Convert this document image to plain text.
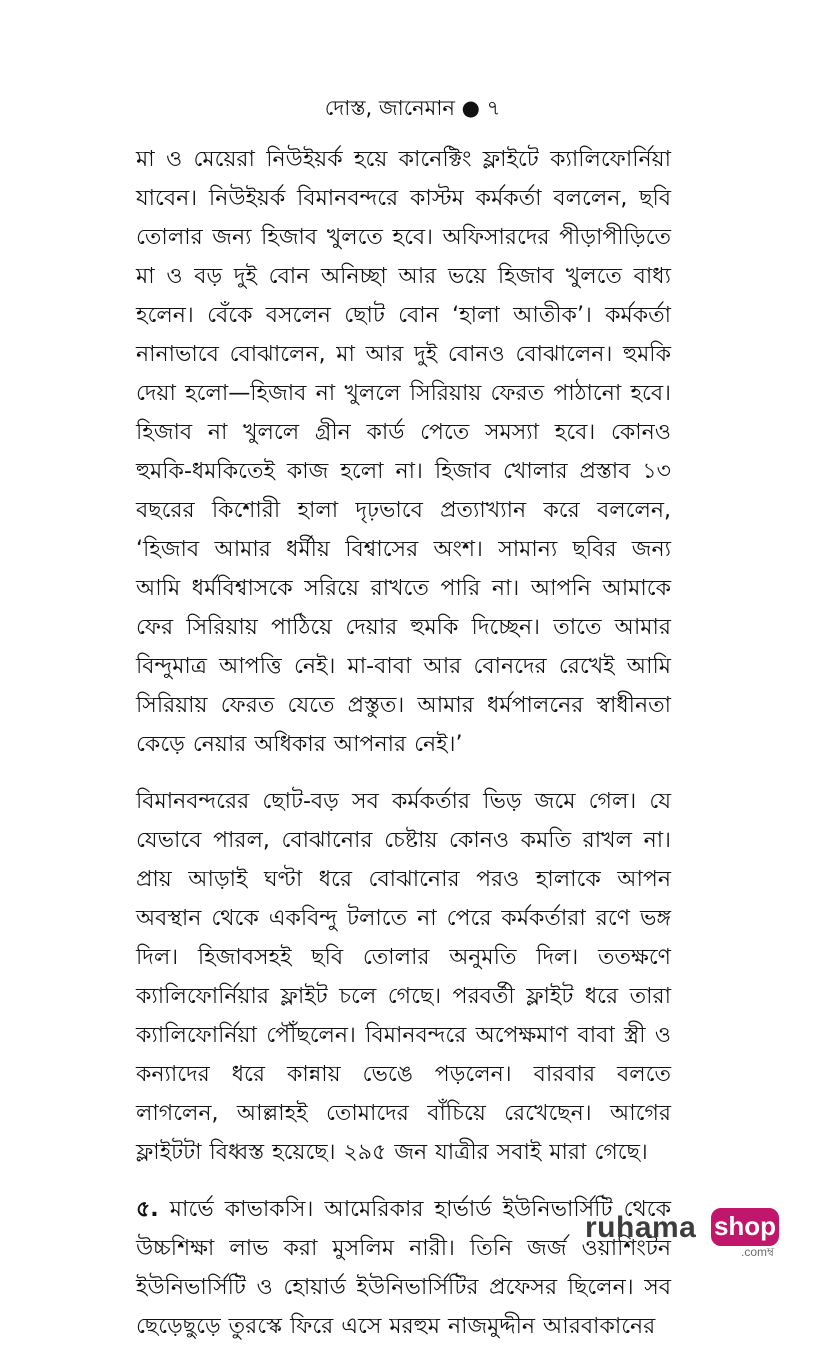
দোস্ত, জানেমান ● ৭

মা ও মেয়েরা নিউইয়র্ক হয়ে কানেক্টিং ফ্লাইটে ক্যালিফোর্নিয়া যাবেন। নিউইয়র্ক বিমানবন্দরে কাস্টম কর্মকর্তা বললেন, ছবি তোলার জন্য হিজাব খুলতে হবে। অফিসারদের পীড়াপীড়িতে মা ও বড় দুই বোন অনিচ্ছা আর ভয়ে হিজাব খুলতে বাধ্য হলেন। বেঁকে বসলেন ছোট বোন ‘হালা আতীক’। কর্মকর্তা নানাভাবে বোঝালেন, মা আর দুই বোনও বোঝালেন। হুমকি দেয়া হলো—হিজাব না খুললে সিরিয়ায় ফেরত পাঠানো হবে। হিজাব না খুললে গ্রীন কার্ড পেতে সমস্যা হবে। কোনও হুমকি-ধমকিতেই কাজ হলো না। হিজাব খোলার প্রস্তাব ১৩ বছরের কিশোরী হালা দৃঢ়ভাবে প্রত্যাখ্যান করে বললেন, ‘হিজাব আমার ধর্মীয় বিশ্বাসের অংশ। সামান্য ছবির জন্য আমি ধর্মবিশ্বাসকে সরিয়ে রাখতে পারি না। আপনি আমাকে ফের সিরিয়ায় পাঠিয়ে দেয়ার হুমকি দিচ্ছেন। তাতে আমার বিন্দুমাত্র আপত্তি নেই। মা-বাবা আর বোনদের রেখেই আমি সিরিয়ায় ফেরত যেতে প্রস্তুত। আমার ধর্মপালনের স্বাধীনতা কেড়ে নেয়ার অধিকার আপনার নেই।’

বিমানবন্দরের ছোট-বড় সব কর্মকর্তার ভিড় জমে গেল। যে যেভাবে পারল, বোঝানোর চেষ্টায় কোনও কমতি রাখল না। প্রায় আড়াই ঘণ্টা ধরে বোঝানোর পরও হালাকে আপন অবস্থান থেকে একবিন্দু টলাতে না পেরে কর্মকর্তারা রণে ভঙ্গ দিল। হিজাবসহই ছবি তোলার অনুমতি দিল। ততক্ষণে ক্যালিফোর্নিয়ার ফ্লাইট চলে গেছে। পরবর্তী ফ্লাইট ধরে তারা ক্যালিফোর্নিয়া পৌঁছলেন। বিমানবন্দরে অপেক্ষমাণ বাবা স্ত্রী ও কন্যাদের ধরে কান্নায় ভেঙে পড়লেন। বারবার বলতে লাগলেন, আল্লাহই তোমাদের বাঁচিয়ে রেখেছেন। আগের ফ্লাইটটা বিধ্বস্ত হয়েছে। ২৯৫ জন যাত্রীর সবাই মারা গেছে।

৫. মার্ভে কাভাকসি। আমেরিকার হার্ভার্ড ইউনিভার্সিটি থেকে উচ্চশিক্ষা লাভ করা মুসলিম নারী। তিনি জর্জ ওয়াশিংটন ইউনিভার্সিটি ও হোয়ার্ড ইউনিভার্সিটির প্রফেসর ছিলেন। সব ছেড়েছুড়ে তুরস্কে ফিরে এসে মরহুম নাজমুদ্দীন আরবাকানের

ruhama shop
.comম্ব
